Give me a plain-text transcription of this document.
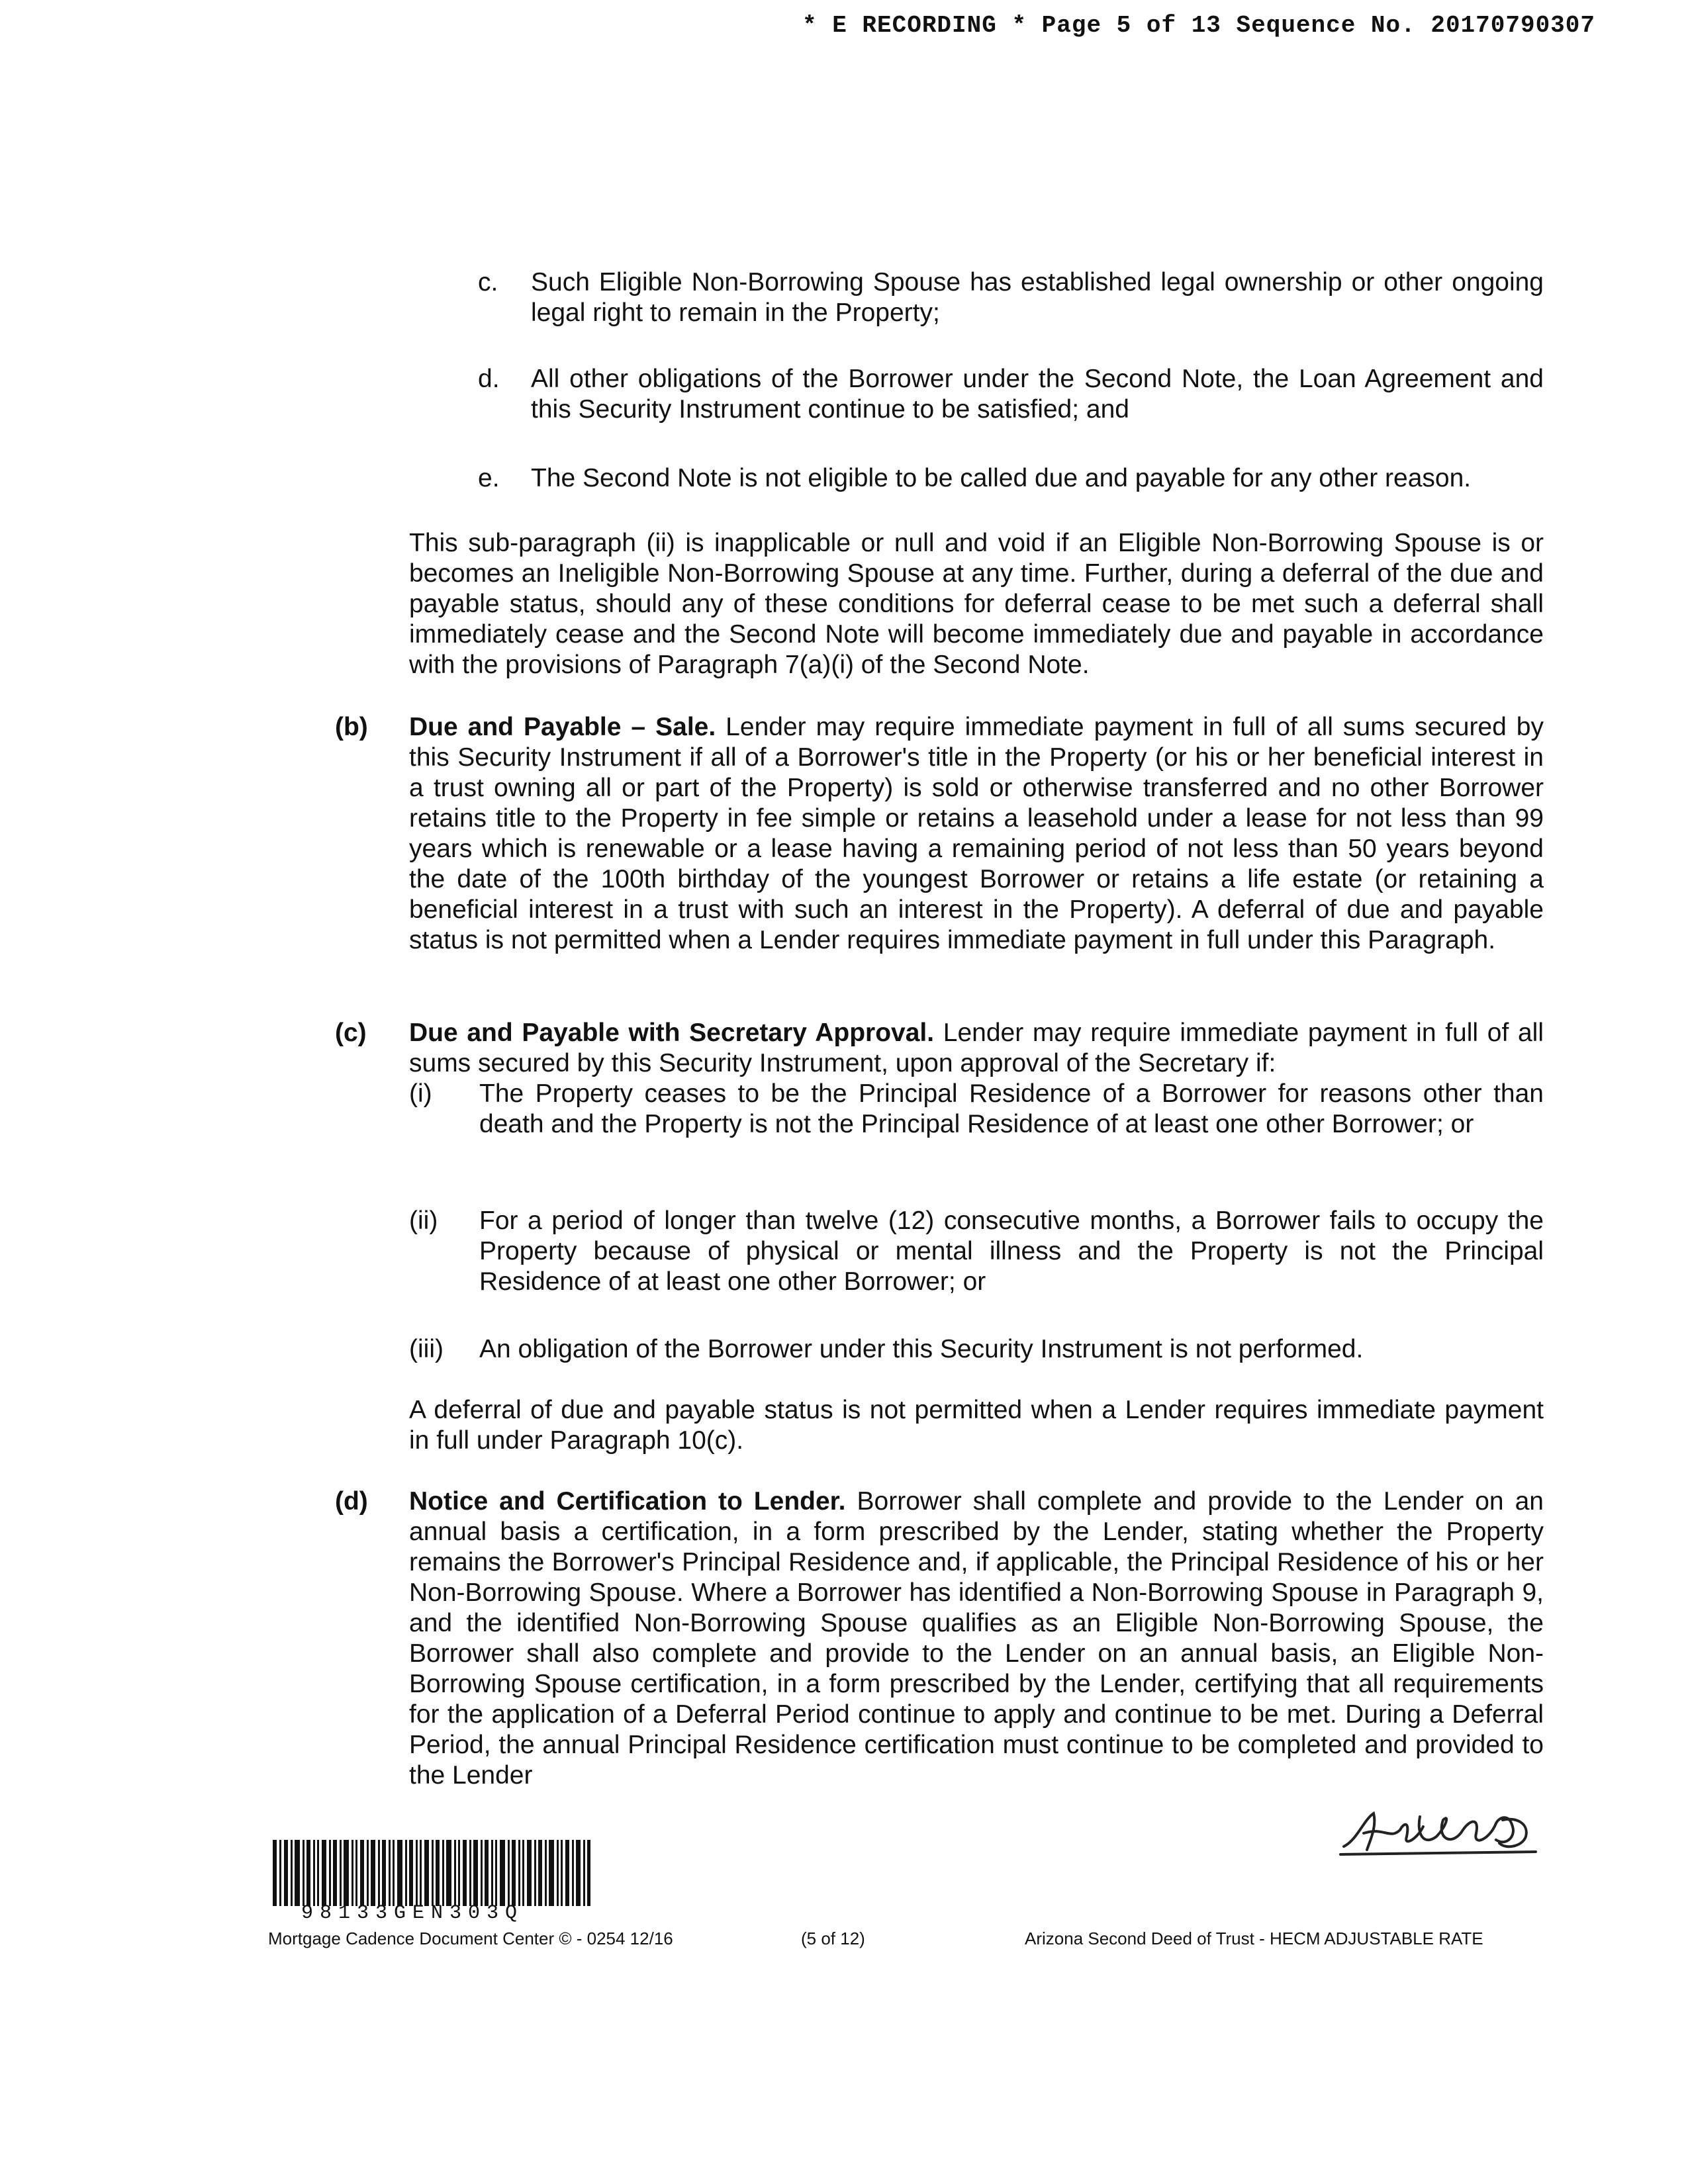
* E RECORDING * Page 5 of 13 Sequence No. 20170790307
c. Such Eligible Non-Borrowing Spouse has established legal ownership or other ongoing legal right to remain in the Property;
d. All other obligations of the Borrower under the Second Note, the Loan Agreement and this Security Instrument continue to be satisfied; and
e. The Second Note is not eligible to be called due and payable for any other reason.
This sub-paragraph (ii) is inapplicable or null and void if an Eligible Non-Borrowing Spouse is or becomes an Ineligible Non-Borrowing Spouse at any time. Further, during a deferral of the due and payable status, should any of these conditions for deferral cease to be met such a deferral shall immediately cease and the Second Note will become immediately due and payable in accordance with the provisions of Paragraph 7(a)(i) of the Second Note.
(b) Due and Payable – Sale. Lender may require immediate payment in full of all sums secured by this Security Instrument if all of a Borrower's title in the Property (or his or her beneficial interest in a trust owning all or part of the Property) is sold or otherwise transferred and no other Borrower retains title to the Property in fee simple or retains a leasehold under a lease for not less than 99 years which is renewable or a lease having a remaining period of not less than 50 years beyond the date of the 100th birthday of the youngest Borrower or retains a life estate (or retaining a beneficial interest in a trust with such an interest in the Property). A deferral of due and payable status is not permitted when a Lender requires immediate payment in full under this Paragraph.
(c) Due and Payable with Secretary Approval. Lender may require immediate payment in full of all sums secured by this Security Instrument, upon approval of the Secretary if:
(i) The Property ceases to be the Principal Residence of a Borrower for reasons other than death and the Property is not the Principal Residence of at least one other Borrower; or
(ii) For a period of longer than twelve (12) consecutive months, a Borrower fails to occupy the Property because of physical or mental illness and the Property is not the Principal Residence of at least one other Borrower; or
(iii) An obligation of the Borrower under this Security Instrument is not performed.
A deferral of due and payable status is not permitted when a Lender requires immediate payment in full under Paragraph 10(c).
(d) Notice and Certification to Lender. Borrower shall complete and provide to the Lender on an annual basis a certification, in a form prescribed by the Lender, stating whether the Property remains the Borrower's Principal Residence and, if applicable, the Principal Residence of his or her Non-Borrowing Spouse. Where a Borrower has identified a Non-Borrowing Spouse in Paragraph 9, and the identified Non-Borrowing Spouse qualifies as an Eligible Non-Borrowing Spouse, the Borrower shall also complete and provide to the Lender on an annual basis, an Eligible Non-Borrowing Spouse certification, in a form prescribed by the Lender, certifying that all requirements for the application of a Deferral Period continue to apply and continue to be met. During a Deferral Period, the annual Principal Residence certification must continue to be completed and provided to the Lender
98133GEN303Q
Mortgage Cadence Document Center © - 0254 12/16	(5 of 12)	Arizona Second Deed of Trust - HECM ADJUSTABLE RATE
